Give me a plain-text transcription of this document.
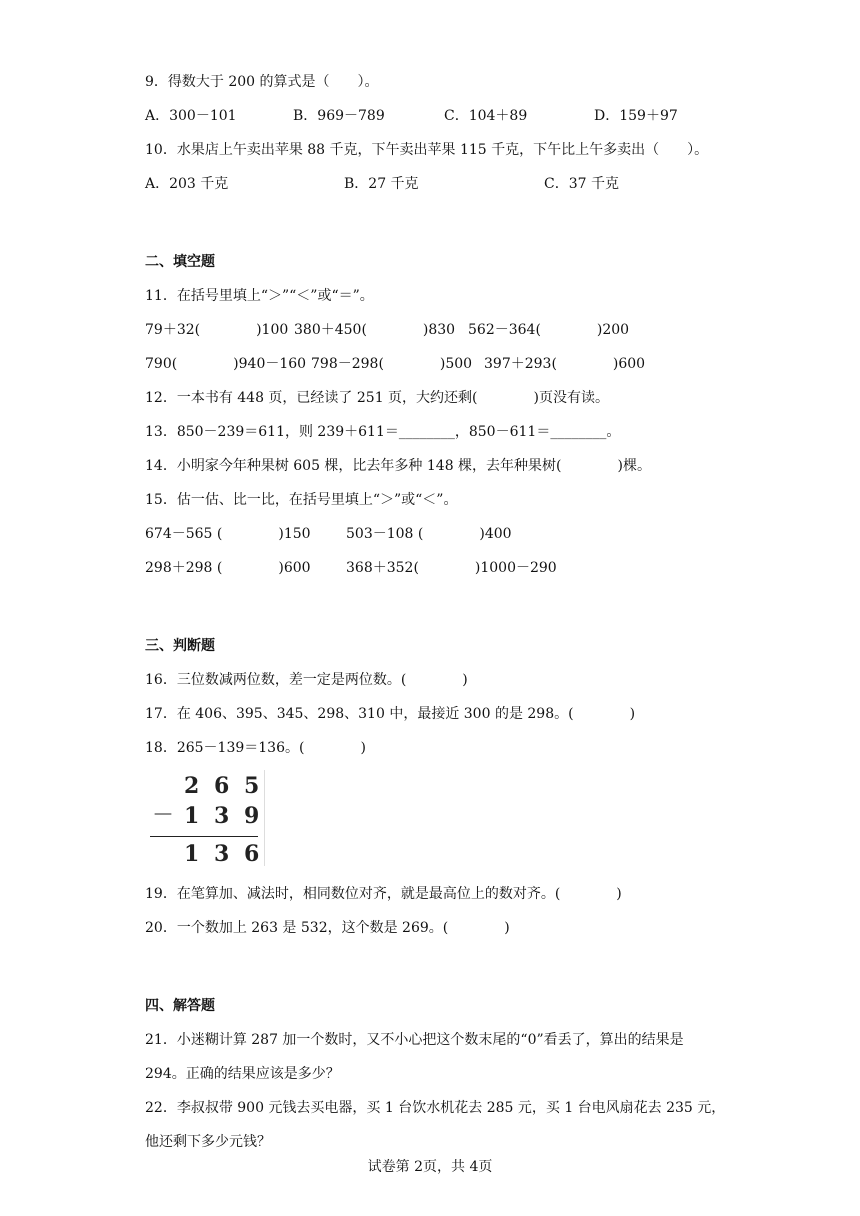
9．得数大于 200 的算式是（　　）。
A．300－101	B．969－789	C．104＋89	D．159＋97
10．水果店上午卖出苹果 88 千克，下午卖出苹果 115 千克，下午比上午多卖出（　　）。
A．203 千克	B．27 千克	C．37 千克
二、填空题
11．在括号里填上“＞”“＜”或“＝”。
79＋32(　　　　)100 380＋450(　　　　)830 562－364(　　　　)200
790(　　　　)940－160 798－298(　　　　)500 397＋293(　　　　)600
12．一本书有 448 页，已经读了 251 页，大约还剩(　　　　)页没有读。
13．850－239＝611，则 239＋611＝________，850－611＝________。
14．小明家今年种果树 605 棵，比去年多种 148 棵，去年种果树(　　　　)棵。
15．估一估、比一比，在括号里填上“＞”或“＜”。
674－565 (　　　　)150	503－108 (　　　　)400
298＋298 (　　　　)600	368＋352(　　　　)1000－290
三、判断题
16．三位数减两位数，差一定是两位数。(　　　　)
17．在 406、395、345、298、310 中，最接近 300 的是 298。(　　　　)
18．265－139＝136。(　　　　)
2 6 5
－ 1 3 9
1 3 6
19．在笔算加、减法时，相同数位对齐，就是最高位上的数对齐。(　　　　)
20．一个数加上 263 是 532，这个数是 269。(　　　　)
四、解答题
21．小迷糊计算 287 加一个数时，又不小心把这个数末尾的“0”看丢了，算出的结果是
294。正确的结果应该是多少？
22．李叔叔带 900 元钱去买电器，买 1 台饮水机花去 285 元，买 1 台电风扇花去 235 元，
他还剩下多少元钱？
试卷第 2页，共 4页
